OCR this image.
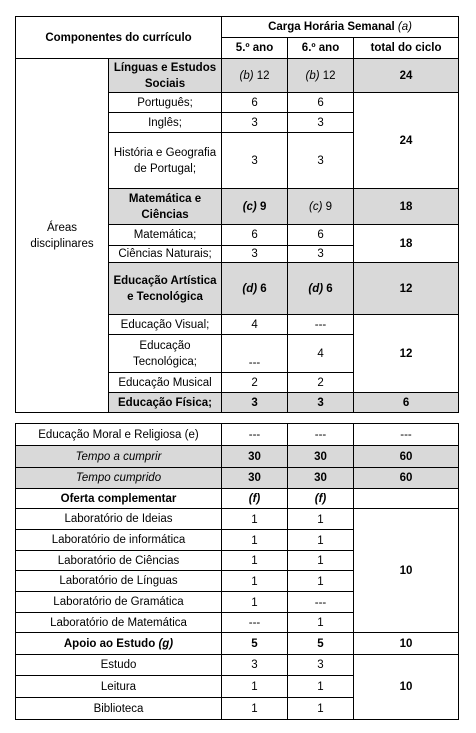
Componentes do currículo		Carga Horária Semanal (a)		
		5.º ano	6.º ano	total do ciclo
Áreas disciplinares	Línguas e Estudos Sociais	(b) 12	(b) 12	24
	Português;	6	6	24
	Inglês;	3	3	
	História e Geografia de Portugal;	3	3	
	Matemática e Ciências	(c) 9	(c) 9	18
	Matemática;	6	6	18
	Ciências Naturais;	3	3	
	Educação Artística e Tecnológica	(d) 6	(d) 6	12
	Educação Visual;	4	---	12
	Educação Tecnológica;	---	4	
	Educação Musical	2	2	
	Educação Física;	3	3	6
Educação Moral e Religiosa (e)	---	---	---
Tempo a cumprir	30	30	60
Tempo cumprido	30	30	60
Oferta complementar	(f)	(f)	
Laboratório de Ideias	1	1	10
Laboratório de informática	1	1	
Laboratório de Ciências	1	1	
Laboratório de Línguas	1	1	
Laboratório de Gramática	1	---	
Laboratório de Matemática	---	1	
Apoio ao Estudo (g)	5	5	10
Estudo	3	3	10
Leitura	1	1	
Biblioteca	1	1	
